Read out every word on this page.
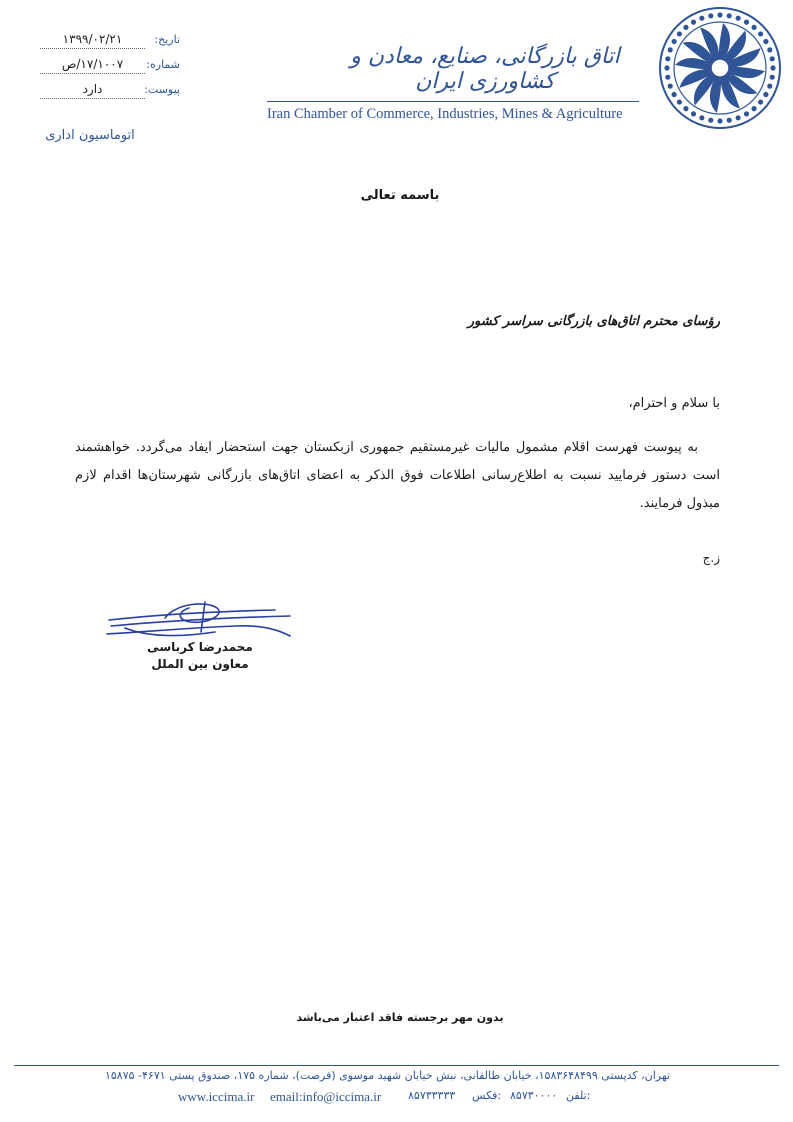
۱۳۹۹/۰۲/۲۱	تاریخ:
۱۷/۱۰۰۷/ص	شماره:
دارد	پیوست:
اتاق بازرگانی، صنایع، معادن و کشاورزی ایران
Iran Chamber of Commerce, Industries, Mines & Agriculture
اتوماسیون اداری
باسمه تعالی
رؤسای محترم اتاق‌های بازرگانی سراسر کشور
با سلام و احترام،
به پیوست فهرست اقلام مشمول مالیات غیرمستقیم جمهوری ازبکستان جهت استحضار ایفاد می‌گردد. خواهشمند است دستور فرمایید نسبت به اطلاع‌رسانی اطلاعات فوق الذکر به اعضای اتاق‌های بازرگانی شهرستان‌ها اقدام لازم مبذول فرمایند.
ز.ج
محمدرضا کرباسی
معاون بین الملل
بدون مهر برجسته فاقد اعتبار می‌باشد
تهران، کدپستی ۱۵۸۳۶۴۸۴۹۹، خیابان طالقانی، نبش خیابان شهید موسوی (فرصت)، شماره ۱۷۵، صندوق پستی ۴۶۷۱- ۱۵۸۷۵
www.iccima.ir email:info@iccima.ir ۸۵۷۳۳۳۳۳ فکس: ۸۵۷۳۰۰۰۰ تلفن:
